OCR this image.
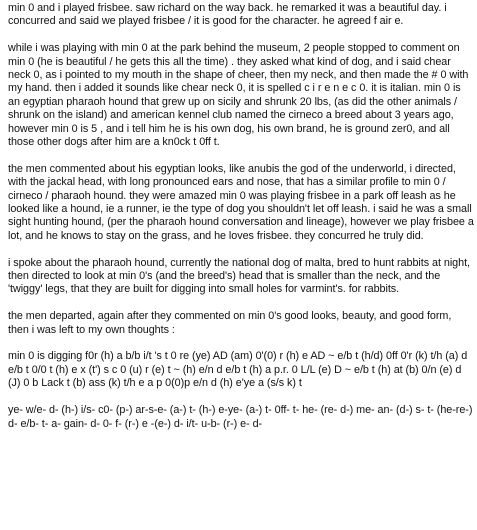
min 0 and i played frisbee. saw richard on the way back. he remarked it was a beautiful day. i concurred and said we played frisbee / it is good for the character. he agreed f air e.

while i was playing with min 0 at the park behind the museum, 2 people stopped to comment on min 0 (he is beautiful / he gets this all the time) . they asked what kind of dog, and i said chear neck 0, as i pointed to my mouth in the shape of cheer, then my neck, and then made the # 0 with my hand. then i added it sounds like chear neck 0, it is spelled c i r e n e c 0. it is italian. min 0 is an egyptian pharaoh hound that grew up on sicily and shrunk 20 lbs, (as did the other animals / shrunk on the island) and american kennel club named the cirneco a breed about 3 years ago, however min 0 is 5 , and i tell him he is his own dog, his own brand, he is ground zer0, and all those other dogs after him are a kn0ck t 0ff t.

the men commented about his egyptian looks, like anubis the god of the underworld, i directed, with the jackal head, with long pronounced ears and nose, that has a similar profile to min 0 / cirneco / pharaoh hound. they were amazed min 0 was playing frisbee in a park off leash as he looked like a hound, ie a runner, ie the type of dog you shouldn't let off leash. i said he was a small sight hunting hound, (per the pharaoh hound conversation and lineage), however we play frisbee a lot, and he knows to stay on the grass, and he loves frisbee. they concurred he truly did.

i spoke about the pharaoh hound, currently the national dog of malta, bred to hunt rabbits at night, then directed to look at min 0's (and the breed's) head that is smaller than the neck, and the 'twiggy' legs, that they are built for digging into small holes for varmint's. for rabbits.

the men departed, again after they commented on min 0's good looks, beauty, and good form, then i was left to my own thoughts :

min 0 is digging f0r (h) a b/b i/t 's t 0 re (ye) AD (am) 0'(0) r (h) e AD ~ e/b t (h/d) 0ff 0'r (k) t/h (a) d e/b t 0/0 t (h) e x (t') s c 0 (u) r (e) t ~ (h) e/n d e/b t (h) a p.r. 0 L/L (e) D ~ e/b t (h) at (b) 0/n (e) d (J) 0 b Lack t (b) ass (k) t/h e a p 0(0)p e/n d (h) e'ye a (s/s k) t

ye- w/e- d- (h-) i/s- c0- (p-) ar-s-e- (a-) t- (h-) e-ye- (a-) t- 0ff- t- he- (re- d-) me- an- (d-) s- t- (he-re-) d- e/b- t- a- gain- d- 0- f- (r-) e -(e-) d- i/t- u-b- (r-) e- d-
